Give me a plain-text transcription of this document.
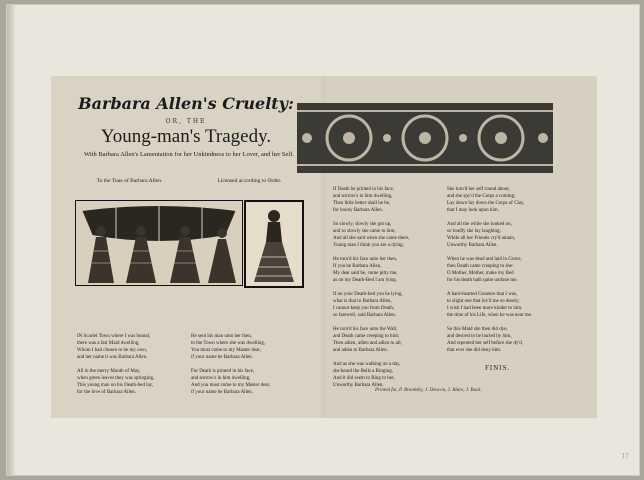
17
Barbara Allen's Cruelty:
OR, THE
Young-man's Tragedy.
With Barbara Allen's Lamentation for her Unkindness to her Lover, and her Self.
To the Tune of Barbara Allen.	Licensed according to Order.
IN Scarlet Town where I was bound,
there was a fair Maid dwelling,
Whom I had chosen to be my own,
and her name it was Barbara Allen.

All in the merry Month of May,
when green leaves they was springing,
This young man on his Death-bed lay,
for the love of Barbara Allen.
He sent his man unto her then,
to the Town where she was dwelling,
You must come to my Master dear,
if your name be Barbara Allen.

For Death is printed in his face,
and sorrow's in him dwelling,
And you must come to my Master dear,
if your name be Barbara Allen.
If Death be printed in his face,
and sorrow's in him dwelling,
Then little better shall he be,
for bonny Barbara Allen.

So slowly, slowly she got up,
and so slowly she came to him,
And all she said when she came there,
Young man I think you are a dying.

He turn'd his face unto her then,
If you be Barbara Allen,
My dear said he, come pitty me,
as on my Death-Bed I am lying.

If on your Death-bed you be lying,
what is that to Barbara Allen,
I cannot keep you from Death,
so farewell, said Barbara Allen.

He turn'd his face unto the Wall,
and Death came creeping to him;
Then adieu, adieu and adieu to all,
and adieu to Barbara Allen.

And as she was walking on a day,
she heard the Bells a Ringing,
And it did seem to Ring to her,
Unworthy Barbara Allen.
She turn'd her self round about,
and she spy'd the Corps a coming;
Lay down lay down the Corps of Clay,
that I may look upon him.

And all the while she looked on,
so loudly she lay laughing;
While all her Friends cry'd amain,
Unworthy Barbara Allen.

When he was dead and laid in Grave,
then Death came creeping to she:
O Mother, Mother, make my Bed
for his death hath quite undone me.

A hard-hearted Creature that I was,
to slight one that lov'd me so dearly;
I wish I had been more kinder to him,
the time of his Life, when he was near me.

So this Maid she then did dye,
and desired to be buried by him,
And repented her self before she dy'd,
that ever she did deny him.
FINIS.
Printed for, P. Brooksby, J. Deacon, J. Blare, J. Back.
